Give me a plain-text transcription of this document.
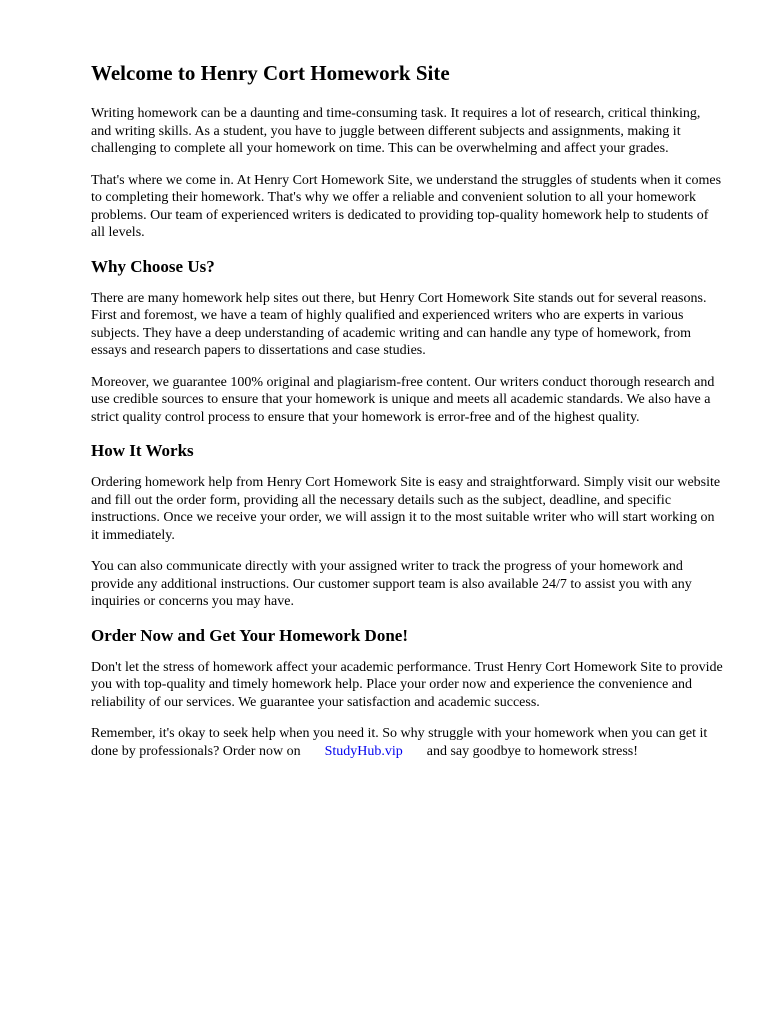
Welcome to Henry Cort Homework Site

Writing homework can be a daunting and time-consuming task. It requires a lot of research, critical thinking, and writing skills. As a student, you have to juggle between different subjects and assignments, making it challenging to complete all your homework on time. This can be overwhelming and affect your grades.

That's where we come in. At Henry Cort Homework Site, we understand the struggles of students when it comes to completing their homework. That's why we offer a reliable and convenient solution to all your homework problems. Our team of experienced writers is dedicated to providing top-quality homework help to students of all levels.

Why Choose Us?

There are many homework help sites out there, but Henry Cort Homework Site stands out for several reasons. First and foremost, we have a team of highly qualified and experienced writers who are experts in various subjects. They have a deep understanding of academic writing and can handle any type of homework, from essays and research papers to dissertations and case studies.

Moreover, we guarantee 100% original and plagiarism-free content. Our writers conduct thorough research and use credible sources to ensure that your homework is unique and meets all academic standards. We also have a strict quality control process to ensure that your homework is error-free and of the highest quality.

How It Works

Ordering homework help from Henry Cort Homework Site is easy and straightforward. Simply visit our website and fill out the order form, providing all the necessary details such as the subject, deadline, and specific instructions. Once we receive your order, we will assign it to the most suitable writer who will start working on it immediately.

You can also communicate directly with your assigned writer to track the progress of your homework and provide any additional instructions. Our customer support team is also available 24/7 to assist you with any inquiries or concerns you may have.

Order Now and Get Your Homework Done!

Don't let the stress of homework affect your academic performance. Trust Henry Cort Homework Site to provide you with top-quality and timely homework help. Place your order now and experience the convenience and reliability of our services. We guarantee your satisfaction and academic success.

Remember, it's okay to seek help when you need it. So why struggle with your homework when you can get it done by professionals? Order now on StudyHub.vip and say goodbye to homework stress!
